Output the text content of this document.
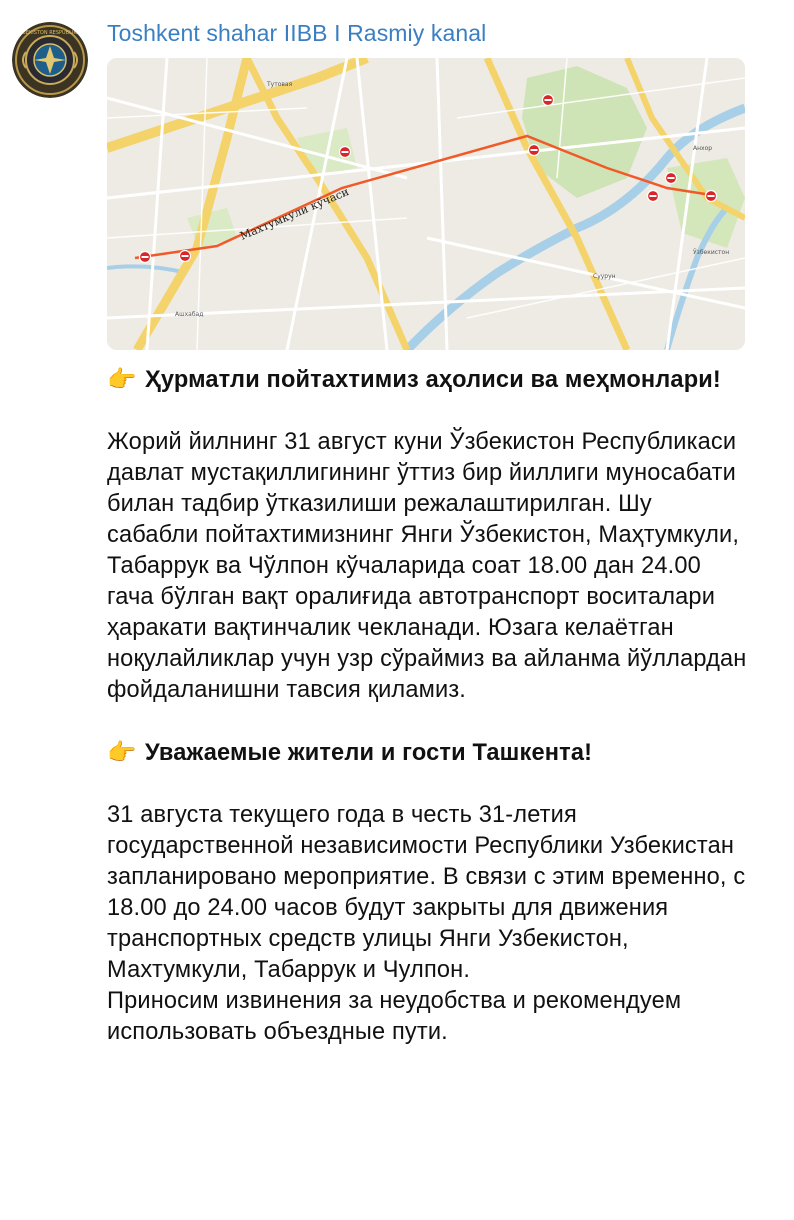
UZBEKISTON RESPUBLIKASI Toshkent shahar IIBB I Rasmiy kanal
Махтумкули кўчаси
Ашхабад
Ўзбекистон
Суурун
Анхор
Тутовая

👉 Ҳурматли пойтахтимиз аҳолиси ва меҳмонлари!

Жорий йилнинг 31 август куни Ўзбекистон Республикаси давлат мустақиллигининг ўттиз бир йиллиги муносабати билан тадбир ўтказилиши режалаштирилган. Шу сабабли пойтахтимизнинг Янги Ўзбекистон, Маҳтумкули, Табаррук ва Чўлпон кўчаларида соат 18.00 дан 24.00 гача бўлган вақт оралиғида автотранспорт воситалари ҳаракати вақтинчалик чекланади. Юзага келаётган ноқулайликлар учун узр сўраймиз ва айланма йўллардан фойдаланишни тавсия қиламиз.

👉 Уважаемые жители и гости Ташкента!

31 августа текущего года в честь 31-летия государственной независимости Республики Узбекистан запланировано мероприятие. В связи с этим временно, с 18.00 до 24.00 часов будут закрыты для движения транспортных средств улицы Янги Узбекистон, Махтумкули, Табаррук и Чулпон.

Приносим извинения за неудобства и рекомендуем использовать объездные пути.
